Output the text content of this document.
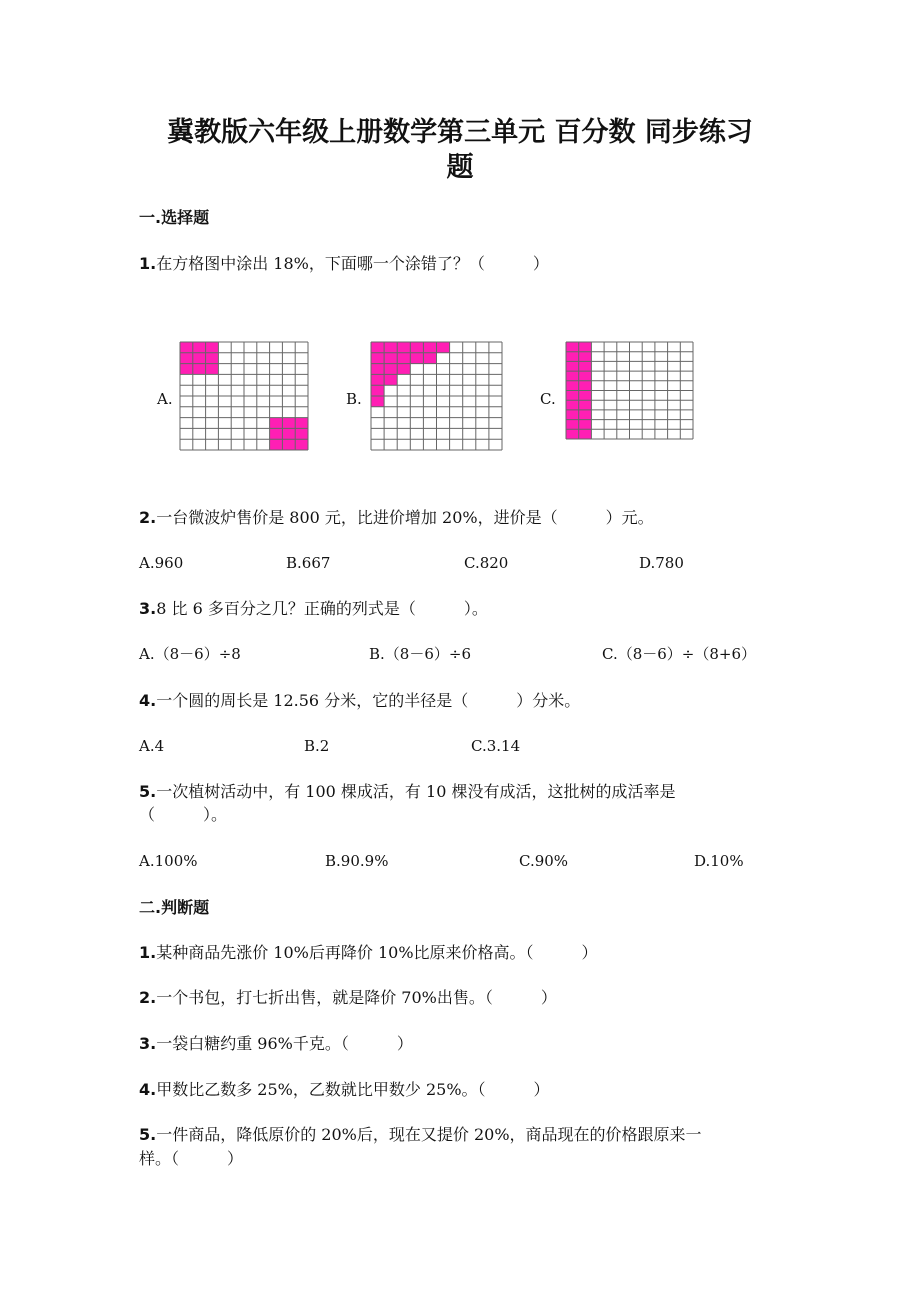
冀教版六年级上册数学第三单元 百分数 同步练习
题
一.选择题
1.在方格图中涂出 18%，下面哪一个涂错了？（　　　）
A.	B.	C.
2.一台微波炉售价是 800 元，比进价增加 20%，进价是（　　　）元。
A.960	B.667	C.820	D.780
3.8 比 6 多百分之几？正确的列式是（　　　）。
A.（8－6）÷8	B.（8－6）÷6	C.（8－6）÷（8+6）
4.一个圆的周长是 12.56 分米，它的半径是（　　　）分米。
A.4	B.2	C.3.14
5.一次植树活动中，有 100 棵成活，有 10 棵没有成活，这批树的成活率是
（　　　）。
A.100%	B.90.9%	C.90%	D.10%
二.判断题
1.某种商品先涨价 10%后再降价 10%比原来价格高。（　　　）
2.一个书包，打七折出售，就是降价 70%出售。（　　　）
3.一袋白糖约重 96%千克。（　　　）
4.甲数比乙数多 25%，乙数就比甲数少 25%。（　　　）
5.一件商品，降低原价的 20%后，现在又提价 20%，商品现在的价格跟原来一
样。（　　　）
